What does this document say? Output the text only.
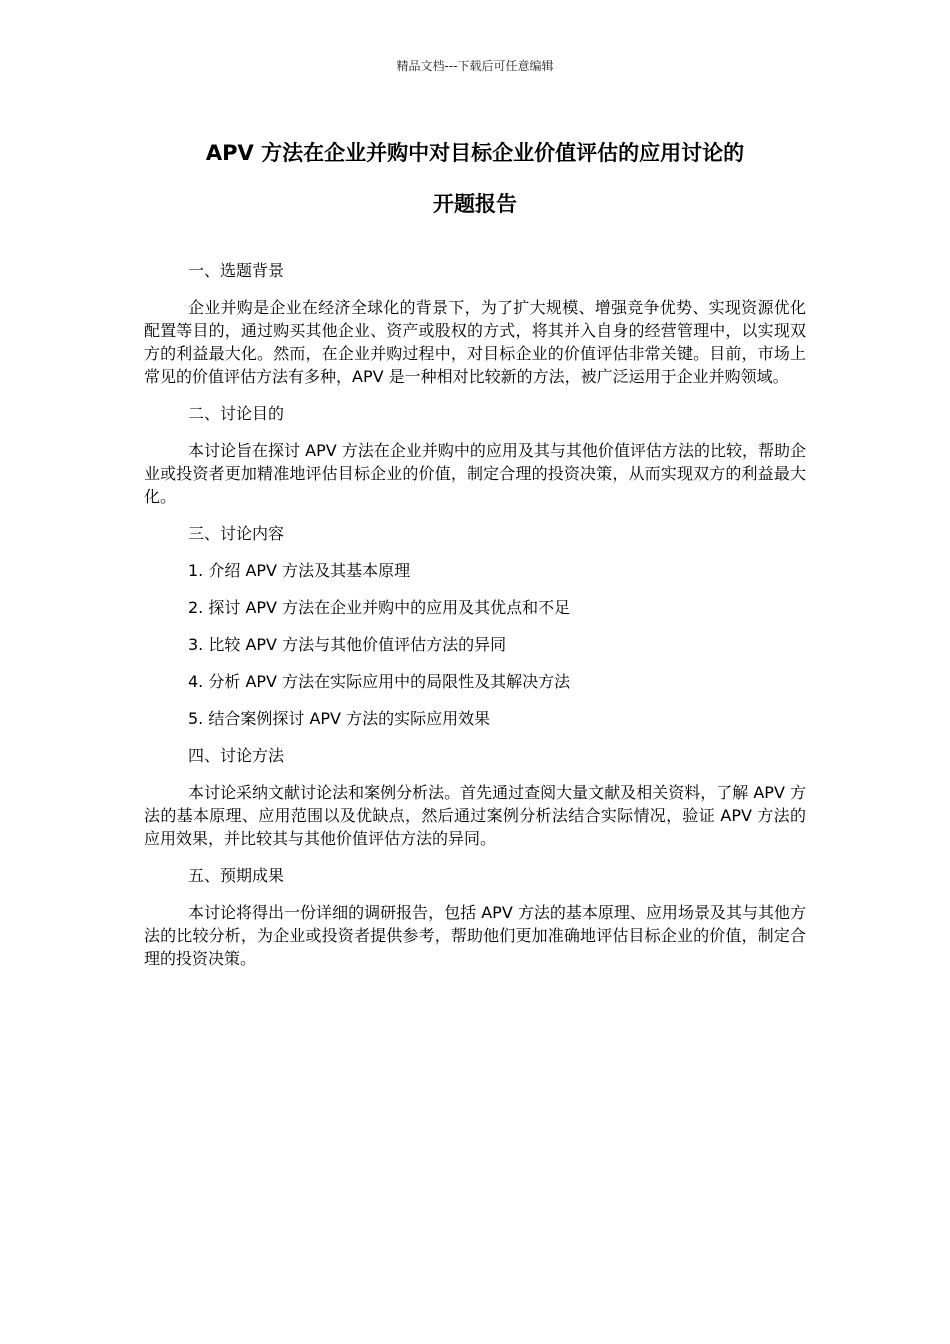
精品文档---下载后可任意编辑
APV 方法在企业并购中对目标企业价值评估的应用讨论的
开题报告

一、选题背景

企业并购是企业在经济全球化的背景下，为了扩大规模、增强竞争优势、实现资源优化配置等目的，通过购买其他企业、资产或股权的方式，将其并入自身的经营管理中，以实现双方的利益最大化。然而，在企业并购过程中，对目标企业的价值评估非常关键。目前，市场上常见的价值评估方法有多种，APV 是一种相对比较新的方法，被广泛运用于企业并购领域。

二、讨论目的

本讨论旨在探讨 APV 方法在企业并购中的应用及其与其他价值评估方法的比较，帮助企业或投资者更加精准地评估目标企业的价值，制定合理的投资决策，从而实现双方的利益最大化。

三、讨论内容

1. 介绍 APV 方法及其基本原理

2. 探讨 APV 方法在企业并购中的应用及其优点和不足

3. 比较 APV 方法与其他价值评估方法的异同

4. 分析 APV 方法在实际应用中的局限性及其解决方法

5. 结合案例探讨 APV 方法的实际应用效果

四、讨论方法

本讨论采纳文献讨论法和案例分析法。首先通过查阅大量文献及相关资料，了解 APV 方法的基本原理、应用范围以及优缺点，然后通过案例分析法结合实际情况，验证 APV 方法的应用效果，并比较其与其他价值评估方法的异同。

五、预期成果

本讨论将得出一份详细的调研报告，包括 APV 方法的基本原理、应用场景及其与其他方法的比较分析，为企业或投资者提供参考，帮助他们更加准确地评估目标企业的价值，制定合理的投资决策。
